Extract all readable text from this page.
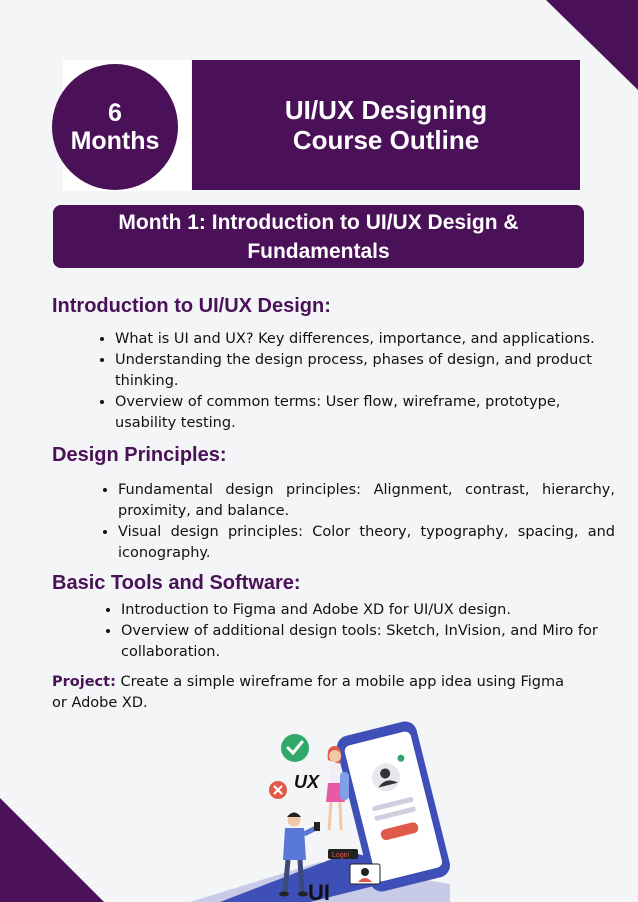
6
Months
UI/UX Designing
Course Outline
Month 1: Introduction to UI/UX Design &
Fundamentals
Introduction to UI/UX Design:
• What is UI and UX? Key differences, importance, and applications.
• Understanding the design process, phases of design, and product thinking.
• Overview of common terms: User flow, wireframe, prototype, usability testing.
Design Principles:
• Fundamental design principles: Alignment, contrast, hierarchy, proximity, and balance.
• Visual design principles: Color theory, typography, spacing, and iconography.
Basic Tools and Software:
• Introduction to Figma and Adobe XD for UI/UX design.
• Overview of additional design tools: Sketch, InVision, and Miro for collaboration.

Project: Create a simple wireframe for a mobile app idea using Figma or Adobe XD.

UX
Login
UI
